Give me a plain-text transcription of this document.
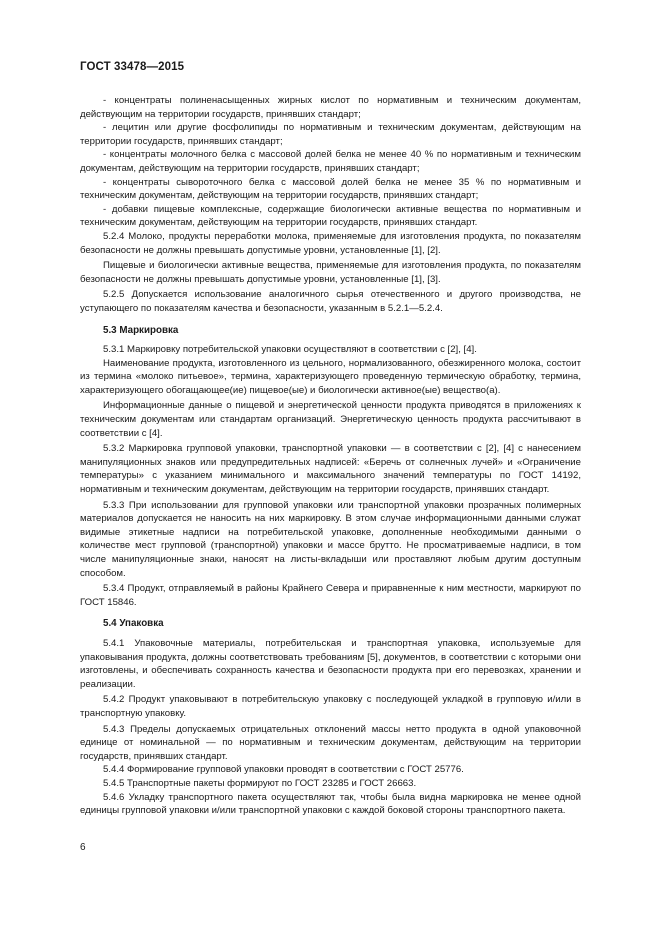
ГОСТ 33478—2015

- концентраты полиненасыщенных жирных кислот по нормативным и техническим документам, действующим на территории государств, принявших стандарт;

- лецитин или другие фосфолипиды по нормативным и техническим документам, действующим на территории государств, принявших стандарт;

- концентраты молочного белка с массовой долей белка не менее 40 % по нормативным и техническим документам, действующим на территории государств, принявших стандарт;

- концентраты сывороточного белка с массовой долей белка не менее 35 % по нормативным и техническим документам, действующим на территории государств, принявших стандарт;

- добавки пищевые комплексные, содержащие биологически активные вещества по нормативным и техническим документам, действующим на территории государств, принявших стандарт.

5.2.4 Молоко, продукты переработки молока, применяемые для изготовления продукта, по показателям безопасности не должны превышать допустимые уровни, установленные [1], [2].

Пищевые и биологически активные вещества, применяемые для изготовления продукта, по показателям безопасности не должны превышать допустимые уровни, установленные [1], [3].

5.2.5 Допускается использование аналогичного сырья отечественного и другого производства, не уступающего по показателям качества и безопасности, указанным в 5.2.1—5.2.4.

5.3 Маркировка

5.3.1 Маркировку потребительской упаковки осуществляют в соответствии с [2], [4].

Наименование продукта, изготовленного из цельного, нормализованного, обезжиренного молока, состоит из термина «молоко питьевое», термина, характеризующего проведенную термическую обработку, термина, характеризующего обогащающее(ие) пищевое(ые) и биологически активное(ые) вещество(а).

Информационные данные о пищевой и энергетической ценности продукта приводятся в приложениях к техническим документам или стандартам организаций. Энергетическую ценность продукта рассчитывают в соответствии с [4].

5.3.2 Маркировка групповой упаковки, транспортной упаковки — в соответствии с [2], [4] с нанесением манипуляционных знаков или предупредительных надписей: «Беречь от солнечных лучей» и «Ограничение температуры» с указанием минимального и максимального значений температуры по ГОСТ 14192, нормативным и техническим документам, действующим на территории государств, принявших стандарт.

5.3.3 При использовании для групповой упаковки или транспортной упаковки прозрачных полимерных материалов допускается не наносить на них маркировку. В этом случае информационными данными служат видимые этикетные надписи на потребительской упаковке, дополненные необходимыми данными о количестве мест групповой (транспортной) упаковки и массе брутто. Не просматриваемые надписи, в том числе манипуляционные знаки, наносят на листы-вкладыши или проставляют любым другим доступным способом.

5.3.4 Продукт, отправляемый в районы Крайнего Севера и приравненные к ним местности, маркируют по ГОСТ 15846.

5.4 Упаковка

5.4.1 Упаковочные материалы, потребительская и транспортная упаковка, используемые для упаковывания продукта, должны соответствовать требованиям [5], документов, в соответствии с которыми они изготовлены, и обеспечивать сохранность качества и безопасности продукта при его перевозках, хранении и реализации.

5.4.2 Продукт упаковывают в потребительскую упаковку с последующей укладкой в групповую и/или в транспортную упаковку.

5.4.3 Пределы допускаемых отрицательных отклонений массы нетто продукта в одной упаковочной единице от номинальной — по нормативным и техническим документам, действующим на территории государств, принявших стандарт.

5.4.4 Формирование групповой упаковки проводят в соответствии с ГОСТ 25776.

5.4.5 Транспортные пакеты формируют по ГОСТ 23285 и ГОСТ 26663.

5.4.6 Укладку транспортного пакета осуществляют так, чтобы была видна маркировка не менее одной единицы групповой упаковки и/или транспортной упаковки с каждой боковой стороны транспортного пакета.

6
